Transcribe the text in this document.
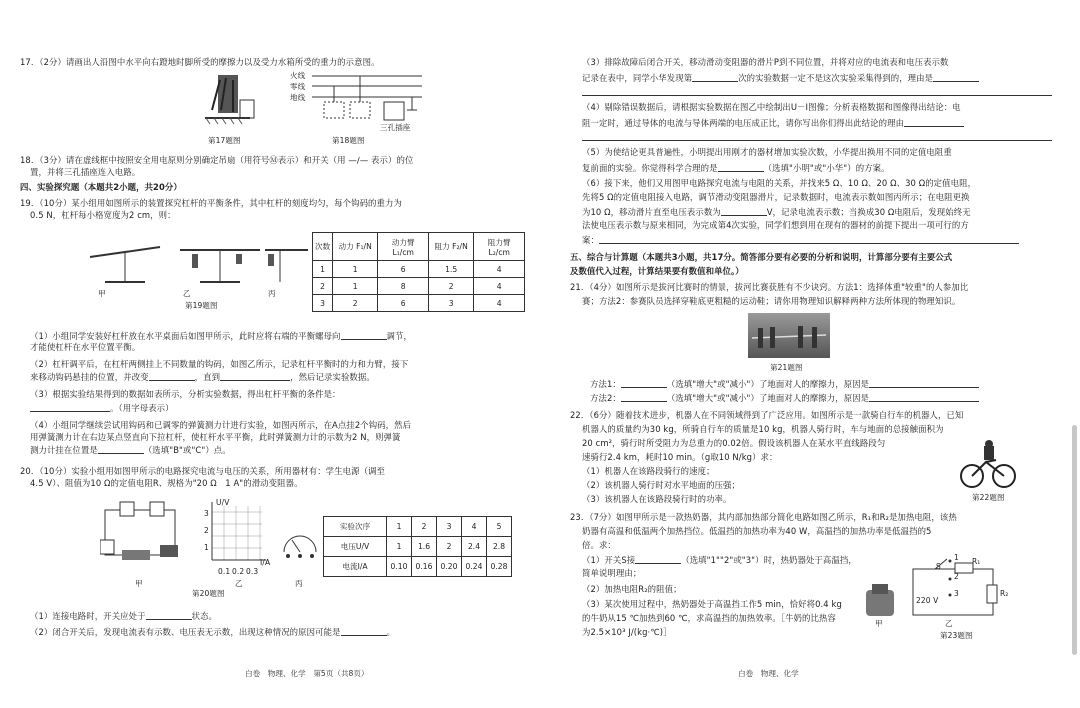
17．（2分）请画出人沿图中水平向右蹬地时脚所受的摩擦力以及受力水箱所受的重力的示意图。
第17题图
火线
零线
地线
三孔插座
第18题图
18．（3分）请在虚线框中按照安全用电原则分别确定吊扇（用符号Ⓜ表示）和开关（用 —∕— 表示）的位
置，并将三孔插座连入电路。
四、实验探究题（本题共2小题，共20分）
19．（10分）某小组用如图所示的装置探究杠杆的平衡条件，其中杠杆的刻度均匀，每个钩码的重力为
0.5 N，杠杆每小格宽度为2 cm，则：
甲	乙	丙
第19题图
次数	动力 F₁/N	动力臂 L₁/cm	阻力 F₂/N	阻力臂 L₂/cm
1	1	6	1.5	4
2	1	8	2	4
3	2	6	3	4
（1）小组同学安装好杠杆放在水平桌面后如图甲所示，此时应将右端的平衡螺母向	调节，
才能使杠杆在水平位置平衡。
（2）杠杆调平后，在杠杆两侧挂上不同数量的钩码，如图乙所示，记录杠杆平衡时的力和力臂，接下
来移动钩码悬挂的位置，并改变	，直到	，然后记录实验数据。
（3）根据实验结果得到的数据如表所示，分析实验数据，得出杠杆平衡的条件是：
。（用字母表示）
（4）小组同学继续尝试用钩码和已调零的弹簧测力计进行实验，如图丙所示，在A点挂2个钩码，然后
用弹簧测力计在右边某点竖直向下拉杠杆，使杠杆水平平衡，此时弹簧测力计的示数为2 N，则弹簧
测力计挂在位置是	（选填"B"或"C"）点。
20．（10分）实验小组用如图甲所示的电路探究电流与电压的关系，所用器材有：学生电源（调至
4.5 V）、阻值为10 Ω的定值电阻R、规格为"20 Ω　1 A"的滑动变阻器。
U/V
I/A
3
2
1
0.1 0.2 0.3
甲	乙	丙
第20题图
实验次序	1	2	3	4	5
电压U/V	1	1.6	2	2.4	2.8
电流I/A	0.10	0.16	0.20	0.24	0.28
（1）连接电路时，开关应处于	状态。
（2）闭合开关后，发现电流表有示数、电压表无示数，出现这种情况的原因可能是	。
白卷　物理、化学　第5页（共8页）
（3）排除故障后闭合开关，移动滑动变阻器的滑片P到不同位置，并将对应的电流表和电压表示数
记录在表中，同学小华发现第	次的实验数据一定不是这次实验采集得到的，理由是
（4）剔除错误数据后，请根据实验数据在图乙中绘制出U－I图像；分析表格数据和图像得出结论：电
阻一定时，通过导体的电流与导体两端的电压成正比，请你写出你们得出此结论的理由
（5）为使结论更具普遍性，小明提出用刚才的器材增加实验次数，小华提出换用不同的定值电阻重
复前面的实验。你觉得科学合理的是	（选填"小明"或"小华"）的方案。
（6）接下来，他们又用图甲电路探究电流与电阻的关系，并找来5 Ω、10 Ω、20 Ω、30 Ω的定值电阻，
先将5 Ω的定值电阻接入电路，调节滑动变阻器滑片，记录数据时，电流表示数如图丙所示；在电阻更换
为10 Ω，移动滑片直至电压表示数为	V，记录电流表示数；当换成30 Ω电阻后，发现始终无
法使电压表示数与原来相同，为完成第4次实验，同学们想到用在现有的器材的前提下提出一项可行的方
案：
五、综合与计算题（本题共3小题，共17分。简答部分要有必要的分析和说明，计算部分要有主要公式
及数值代入过程，计算结果要有数值和单位。）
21．（4分）如图所示是拔河比赛时的情景，拔河比赛获胜有不少诀窍。方法1：选择体重"较重"的人参加比
赛；方法2：参赛队员选择穿鞋底更粗糙的运动鞋；请你用物理知识解释两种方法所体现的物理知识。
第21题图
方法1：	（选填"增大"或"减小"）了地面对人的摩擦力，原因是
方法2：	（选填"增大"或"减小"）了地面对人的摩擦力，原因是
22．（6分）随着技术进步，机器人在不同领域得到了广泛应用。如图所示是一款骑自行车的机器人，已知
机器人的质量约为30 kg，所骑自行车的质量是10 kg，机器人骑行时，车与地面的总接触面积为
20 cm²，骑行时所受阻力为总重力的0.02倍。假设该机器人在某水平直线路段匀
速骑行2.4 km，耗时10 min。（g取10 N/kg）求：
（1）机器人在该路段骑行的速度；
（2）该机器人骑行时对水平地面的压强；
（3）该机器人在该路段骑行时的功率。	第22题图
23．（7分）如图甲所示是一款热奶器，其内部加热部分简化电路如图乙所示，R₁和R₂是加热电阻，该热
奶器有高温和低温两个加热挡位。低温挡的加热功率为40 W，高温挡的加热功率是低温挡的5
倍。求：
（1）开关S接	（选填"1""2"或"3"）时，热奶器处于高温挡，
简单说明理由；
（2）加热电阻R₂的阻值；
（3）某次使用过程中，热奶器处于高温挡工作5 min，恰好将0.4 kg
的牛奶从15 ℃加热到60 ℃，求高温挡的加热效率。［牛奶的比热容
为2.5×10³ J/(kg·℃)］
220 V
S
R₁
R₂
1
2
3
甲	乙
第23题图
白卷　物理、化学
